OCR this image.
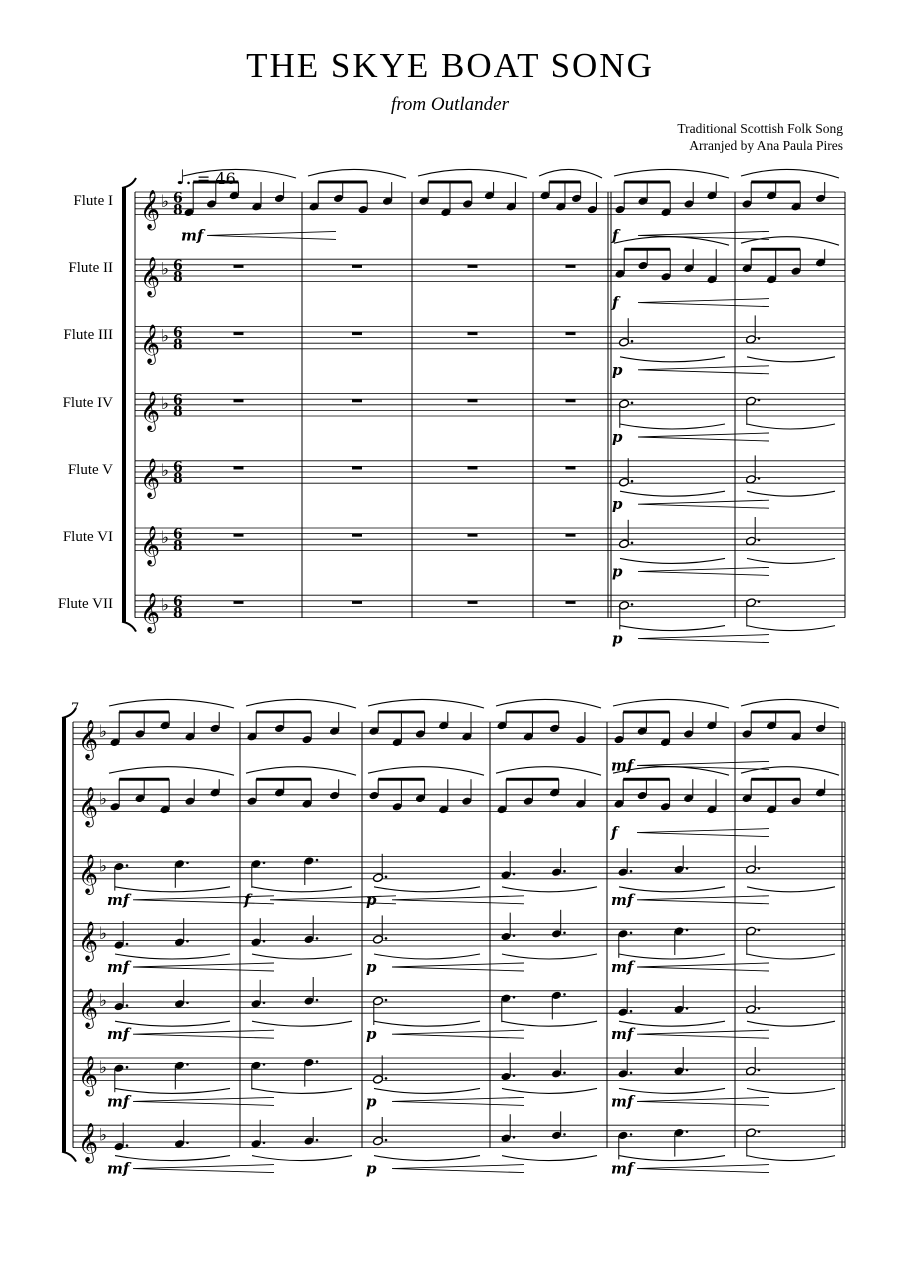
THE SKYE BOAT SONG
from Outlander
Traditional Scottish Folk Song
Arranjed by Ana Paula Pires
♩. = 46
𝄞 ♭ 6
8
mf	f
𝄞 ♭ 6
8
f
𝄞 ♭ 6
8
p
𝄞 ♭ 6
8
p
𝄞 ♭ 6
8
p
𝄞 ♭ 6
8
p
𝄞 ♭ 6
8
p
7
𝄞 ♭
mf
𝄞 ♭
f
𝄞 ♭
mf	f	p	mf
𝄞 ♭
mf	p	mf
𝄞 ♭
mf	p	mf
𝄞 ♭
mf	p	mf
𝄞 ♭
mf	p	mf
Flute I
Flute II
Flute III
Flute IV
Flute V
Flute VI
Flute VII
